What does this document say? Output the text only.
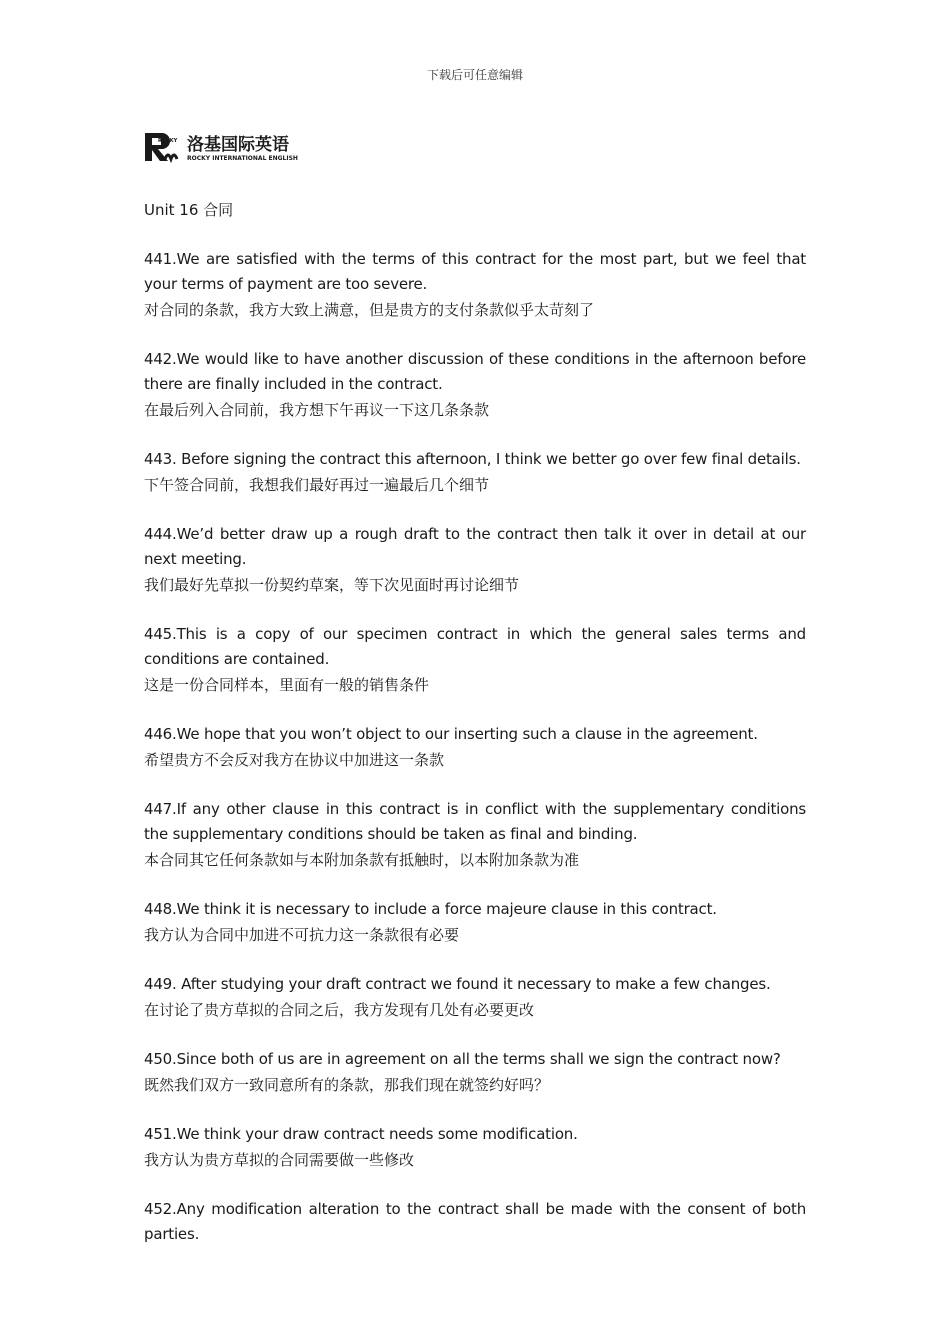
下载后可任意编辑
ROCKY 洛基国际英语
ROCKY INTERNATIONAL ENGLISH

Unit 16 合同

441.We are satisfied with the terms of this contract for the most part, but we feel that your terms of payment are too severe.

对合同的条款，我方大致上满意，但是贵方的支付条款似乎太苛刻了

442.We would like to have another discussion of these conditions in the afternoon before there are finally included in the contract.

在最后列入合同前，我方想下午再议一下这几条条款

443. Before signing the contract this afternoon, I think we better go over few final details.

下午签合同前，我想我们最好再过一遍最后几个细节

444.We’d better draw up a rough draft to the contract then talk it over in detail at our next meeting.

我们最好先草拟一份契约草案，等下次见面时再讨论细节

445.This is a copy of our specimen contract in which the general sales terms and conditions are contained.

这是一份合同样本，里面有一般的销售条件

446.We hope that you won’t object to our inserting such a clause in the agreement.

希望贵方不会反对我方在协议中加进这一条款

447.If any other clause in this contract is in conflict with the supplementary conditions the supplementary conditions should be taken as final and binding.

本合同其它任何条款如与本附加条款有抵触时，以本附加条款为准

448.We think it is necessary to include a force majeure clause in this contract.

我方认为合同中加进不可抗力这一条款很有必要

449. After studying your draft contract we found it necessary to make a few changes.

在讨论了贵方草拟的合同之后，我方发现有几处有必要更改

450.Since both of us are in agreement on all the terms shall we sign the contract now?

既然我们双方一致同意所有的条款，那我们现在就签约好吗？

451.We think your draw contract needs some modification.

我方认为贵方草拟的合同需要做一些修改

452.Any modification alteration to the contract shall be made with the consent of both parties.
